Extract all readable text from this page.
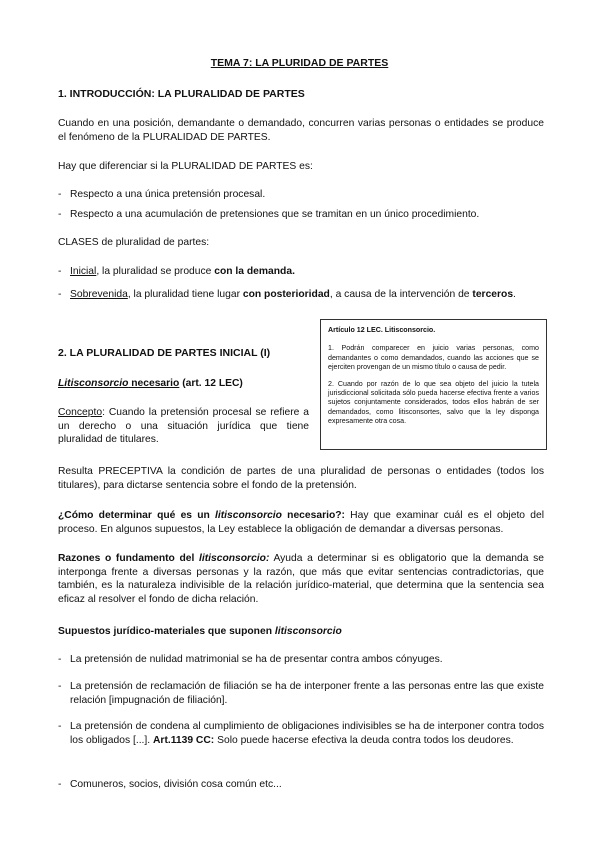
TEMA 7: LA PLURIDAD DE PARTES
1. INTRODUCCIÓN: LA PLURALIDAD DE PARTES
Cuando en una posición, demandante o demandado, concurren varias personas o entidades se produce el fenómeno de la PLURALIDAD DE PARTES.
Hay que diferenciar si la PLURALIDAD DE PARTES es:
- Respecto a una única pretensión procesal.
- Respecto a una acumulación de pretensiones que se tramitan en un único procedimiento.
CLASES de pluralidad de partes:
- Inicial, la pluralidad se produce con la demanda.
- Sobrevenida, la pluralidad tiene lugar con posterioridad, a causa de la intervención de terceros.
Artículo 12 LEC. Litisconsorcio.

1. Podrán comparecer en juicio varias personas, como demandantes o como demandados, cuando las acciones que se ejerciten provengan de un mismo título o causa de pedir.

2. Cuando por razón de lo que sea objeto del juicio la tutela jurisdiccional solicitada sólo pueda hacerse efectiva frente a varios sujetos conjuntamente considerados, todos ellos habrán de ser demandados, como litisconsortes, salvo que la ley disponga expresamente otra cosa.

2. LA PLURALIDAD DE PARTES INICIAL (I)
Litisconsorcio necesario (art. 12 LEC)
Concepto: Cuando la pretensión procesal se refiere a un derecho o una situación jurídica que tiene pluralidad de titulares.
Resulta PRECEPTIVA la condición de partes de una pluralidad de personas o entidades (todos los titulares), para dictarse sentencia sobre el fondo de la pretensión.
¿Cómo determinar qué es un litisconsorcio necesario?: Hay que examinar cuál es el objeto del proceso. En algunos supuestos, la Ley establece la obligación de demandar a diversas personas.
Razones o fundamento del litisconsorcio: Ayuda a determinar si es obligatorio que la demanda se interponga frente a diversas personas y la razón, que más que evitar sentencias contradictorias, que también, es la naturaleza indivisible de la relación jurídico-material, que determina que la sentencia sea eficaz al resolver el fondo de dicha relación.
Supuestos jurídico-materiales que suponen litisconsorcio
- La pretensión de nulidad matrimonial se ha de presentar contra ambos cónyuges.
- La pretensión de reclamación de filiación se ha de interponer frente a las personas entre las que existe relación [impugnación de filiación].
- La pretensión de condena al cumplimiento de obligaciones indivisibles se ha de interponer contra todos los obligados [...]. Art.1139 CC: Solo puede hacerse efectiva la deuda contra todos los deudores.
- Comuneros, socios, división cosa común etc...
